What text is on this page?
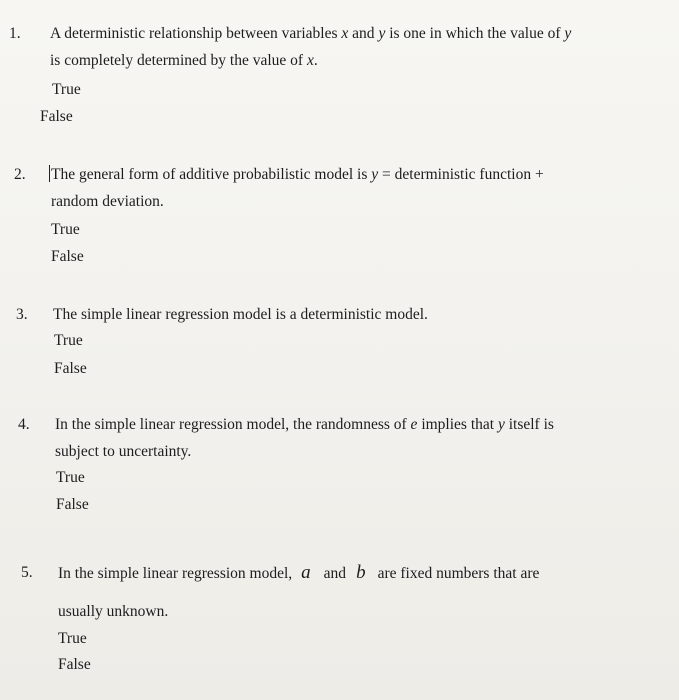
1. A deterministic relationship between variables x and y is one in which the value of y
is completely determined by the value of x.
True
False
2. The general form of additive probabilistic model is y = deterministic function +
random deviation.
True
False
3. The simple linear regression model is a deterministic model.
True
False
4. In the simple linear regression model, the randomness of e implies that y itself is
subject to uncertainty.
True
False
5. In the simple linear regression model, a and b are fixed numbers that are
usually unknown.
True
False
